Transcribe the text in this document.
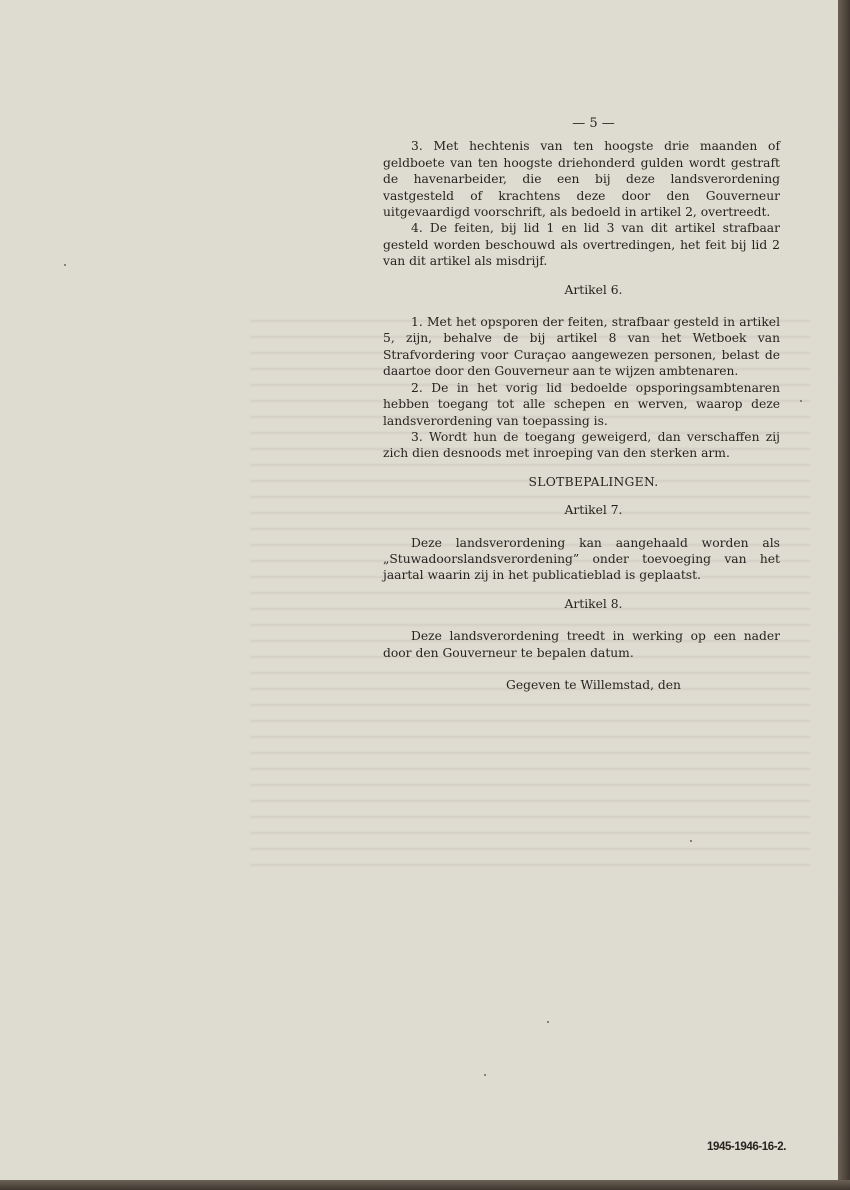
— 5 —

3. Met hechtenis van ten hoogste drie maanden of geldboete van ten hoogste driehonderd gulden wordt gestraft de havenarbeider, die een bij deze landsverordening vastgesteld of krachtens deze door den Gouverneur uitgevaardigd voorschrift, als bedoeld in artikel 2, overtreedt.

4. De feiten, bij lid 1 en lid 3 van dit artikel strafbaar gesteld worden beschouwd als overtredingen, het feit bij lid 2 van dit artikel als misdrijf.

Artikel 6.

1. Met het opsporen der feiten, strafbaar gesteld in artikel 5, zijn, behalve de bij artikel 8 van het Wetboek van Strafvordering voor Curaçao aangewezen personen, belast de daartoe door den Gouverneur aan te wijzen ambtenaren.

2. De in het vorig lid bedoelde opsporingsambtenaren hebben toegang tot alle schepen en werven, waarop deze landsverordening van toepassing is.

3. Wordt hun de toegang geweigerd, dan verschaffen zij zich dien desnoods met inroeping van den sterken arm.

SLOTBEPALINGEN.
Artikel 7.

Deze landsverordening kan aangehaald worden als „Stuwadoorslandsverordening” onder toevoeging van het jaartal waarin zij in het publicatieblad is geplaatst.

Artikel 8.

Deze landsverordening treedt in werking op een nader door den Gouverneur te bepalen datum.

Gegeven te Willemstad, den
1945-1946-16-2.
